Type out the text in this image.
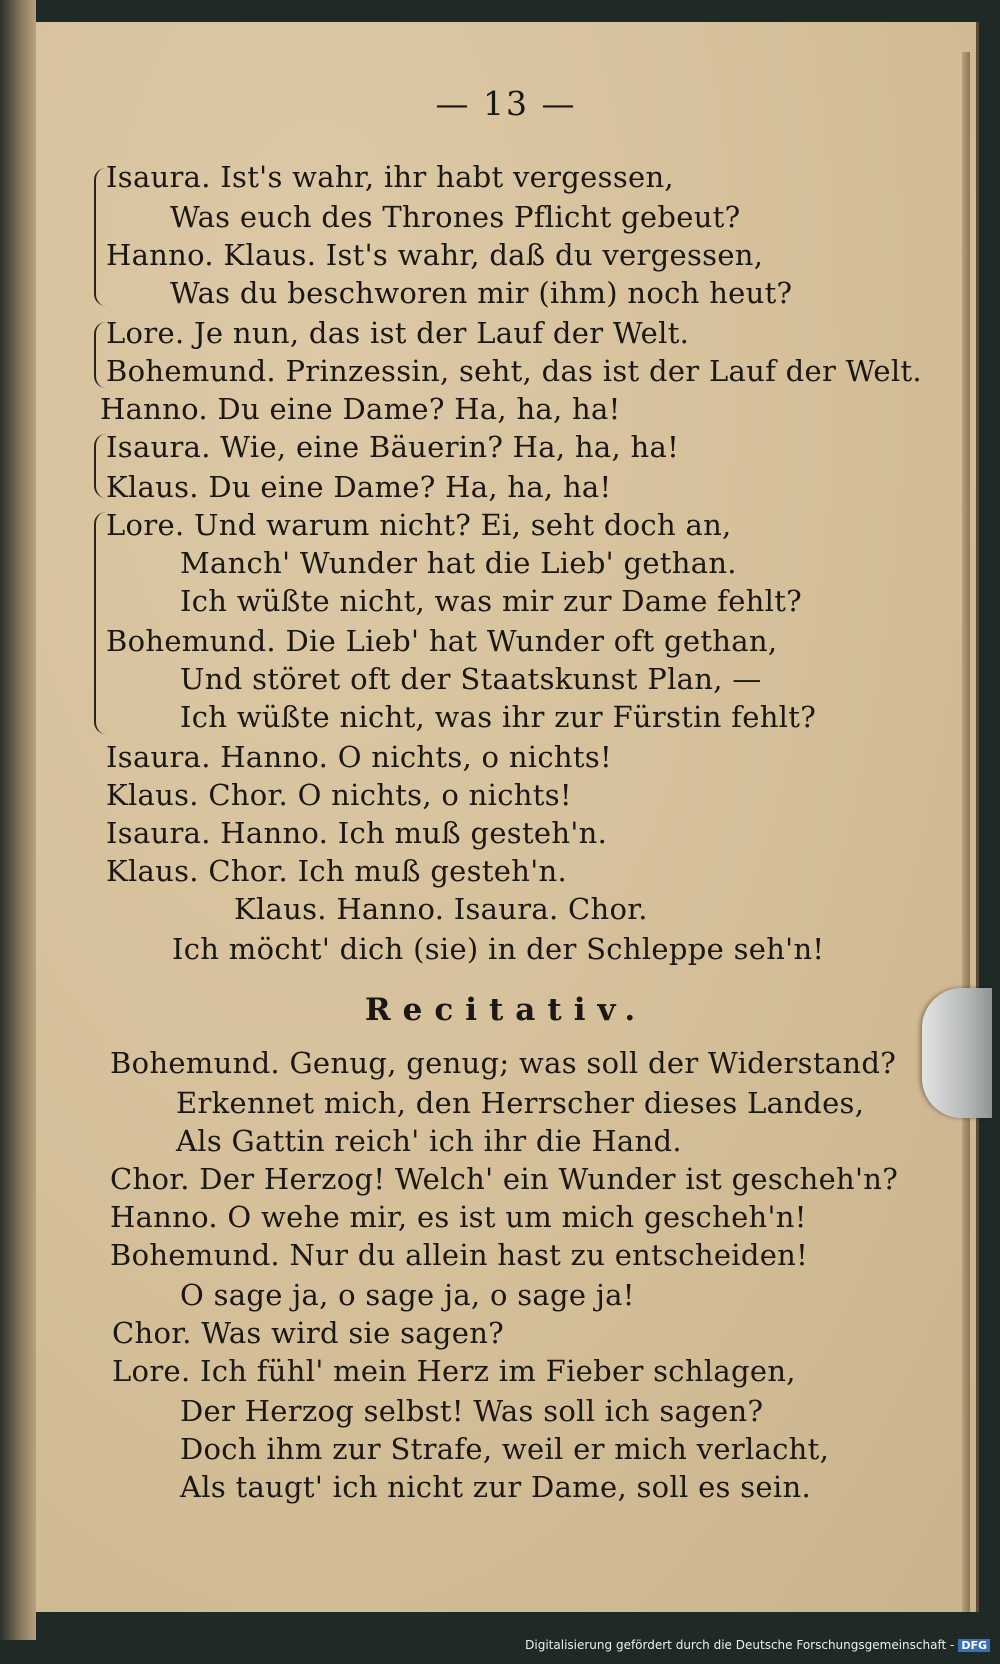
— 13 —
Isaura. Ist's wahr, ihr habt vergessen,
Was euch des Thrones Pflicht gebeut?
Hanno. Klaus. Ist's wahr, daß du vergessen,
Was du beschworen mir (ihm) noch heut?
Lore. Je nun, das ist der Lauf der Welt.
Bohemund. Prinzessin, seht, das ist der Lauf der Welt.
Hanno. Du eine Dame? Ha, ha, ha!
Isaura. Wie, eine Bäuerin? Ha, ha, ha!
Klaus. Du eine Dame? Ha, ha, ha!
Lore. Und warum nicht? Ei, seht doch an,
Manch' Wunder hat die Lieb' gethan.
Ich wüßte nicht, was mir zur Dame fehlt?
Bohemund. Die Lieb' hat Wunder oft gethan,
Und störet oft der Staatskunst Plan, —
Ich wüßte nicht, was ihr zur Fürstin fehlt?
Isaura. Hanno. O nichts, o nichts!
Klaus. Chor. O nichts, o nichts!
Isaura. Hanno. Ich muß gesteh'n.
Klaus. Chor. Ich muß gesteh'n.
Klaus. Hanno. Isaura. Chor.
Ich möcht' dich (sie) in der Schleppe seh'n!
Recitativ.
Bohemund. Genug, genug; was soll der Widerstand?
Erkennet mich, den Herrscher dieses Landes,
Als Gattin reich' ich ihr die Hand.
Chor. Der Herzog! Welch' ein Wunder ist gescheh'n?
Hanno. O wehe mir, es ist um mich gescheh'n!
Bohemund. Nur du allein hast zu entscheiden!
O sage ja, o sage ja, o sage ja!
Chor. Was wird sie sagen?
Lore. Ich fühl' mein Herz im Fieber schlagen,
Der Herzog selbst! Was soll ich sagen?
Doch ihm zur Strafe, weil er mich verlacht,
Als taugt' ich nicht zur Dame, soll es sein.
Digitalisierung gefördert durch die Deutsche Forschungsgemeinschaft - DFG
